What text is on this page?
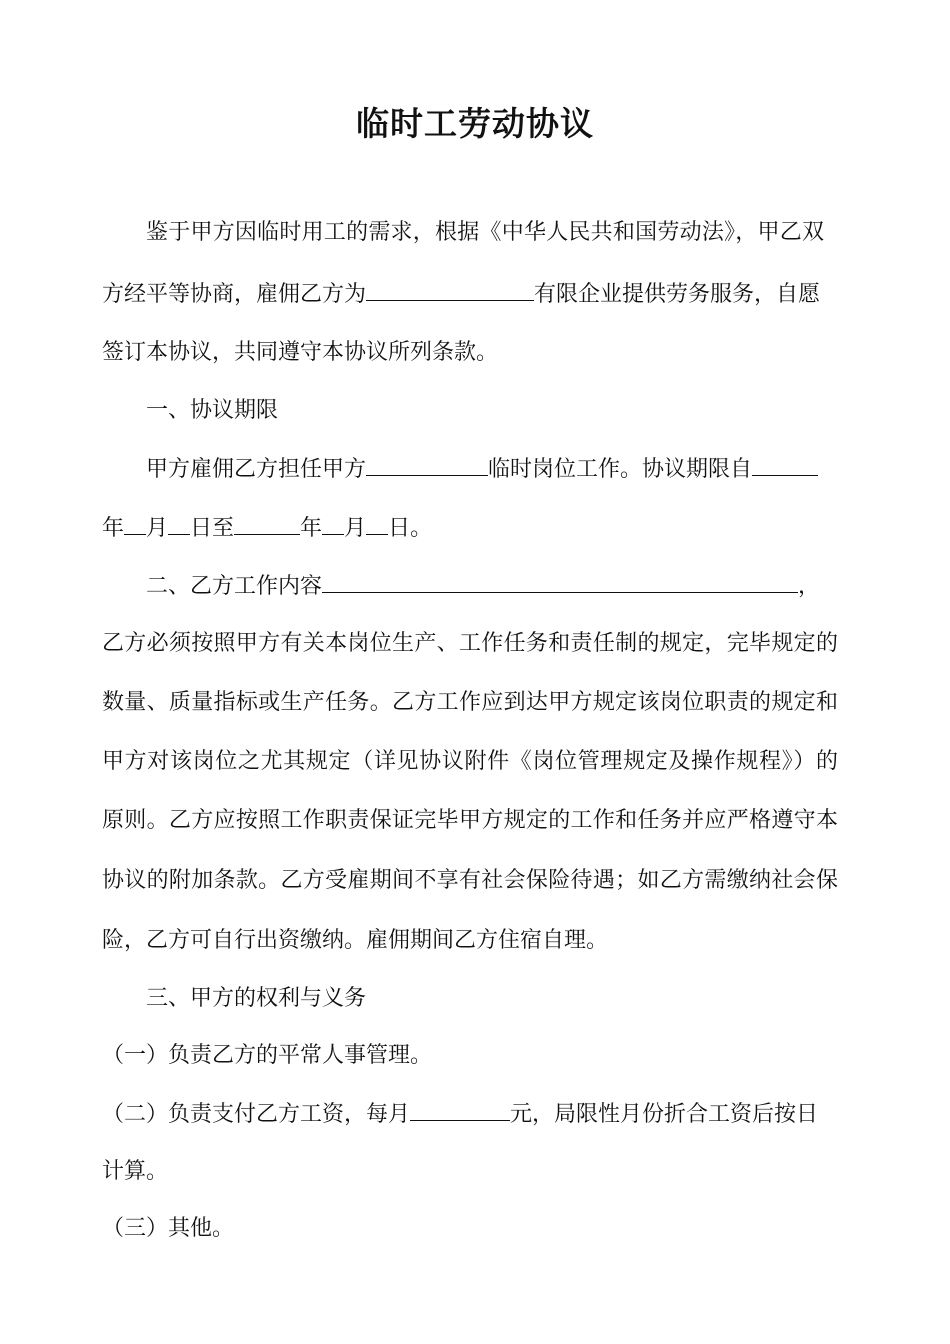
临时工劳动协议
鉴于甲方因临时用工的需求，根据《中华人民共和国劳动法》，甲乙双
方经平等协商，雇佣乙方为	有限企业提供劳务服务，自愿
签订本协议，共同遵守本协议所列条款。
一、协议期限
甲方雇佣乙方担任甲方	临时岗位工作。协议期限自
年 月 日至	年 月 日。
二、乙方工作内容	，
乙方必须按照甲方有关本岗位生产、工作任务和责任制的规定，完毕规定的
数量、质量指标或生产任务。乙方工作应到达甲方规定该岗位职责的规定和
甲方对该岗位之尤其规定（详见协议附件《岗位管理规定及操作规程》）的
原则。乙方应按照工作职责保证完毕甲方规定的工作和任务并应严格遵守本
协议的附加条款。乙方受雇期间不享有社会保险待遇；如乙方需缴纳社会保
险，乙方可自行出资缴纳。雇佣期间乙方住宿自理。
三、甲方的权利与义务
（一）负责乙方的平常人事管理。
（二）负责支付乙方工资，每月	元，局限性月份折合工资后按日
计算。
（三）其他。
